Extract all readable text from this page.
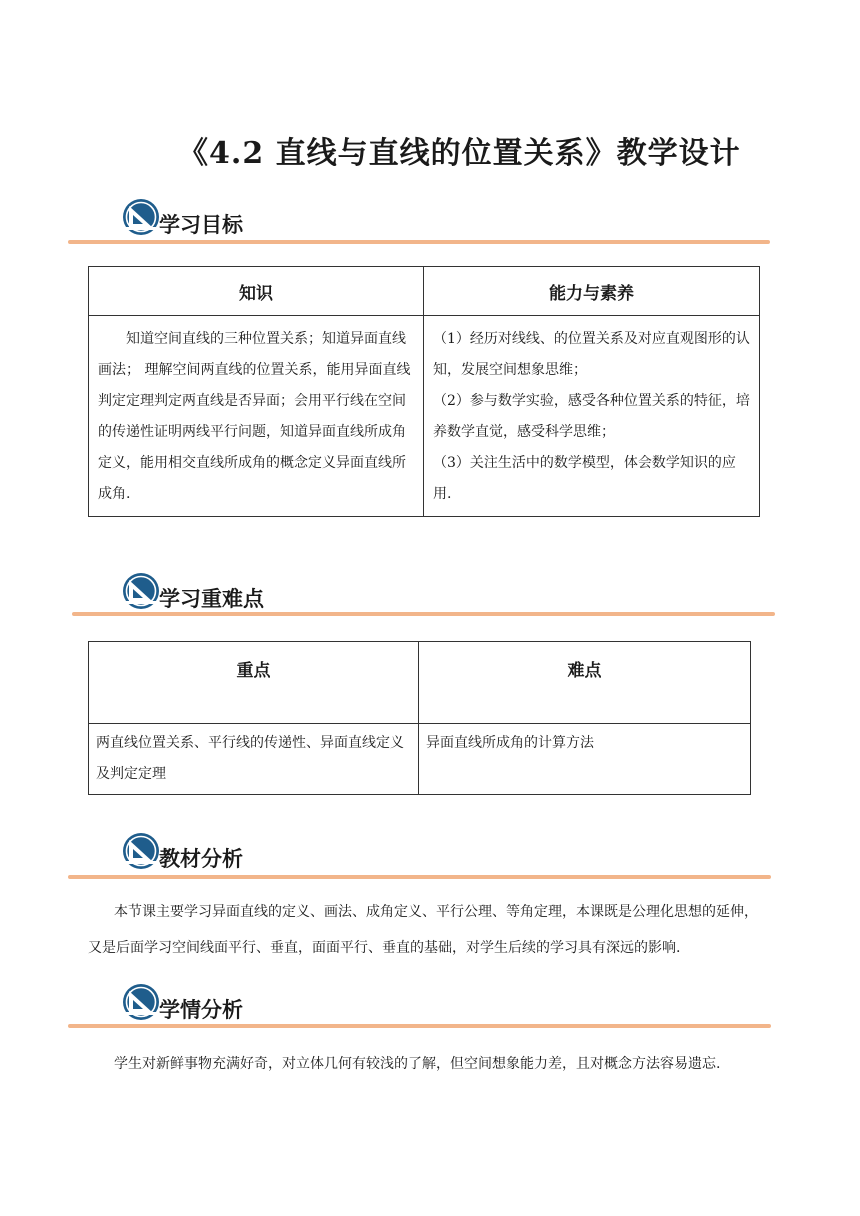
《4.2 直线与直线的位置关系》教学设计
学习目标
知识	能力与素养
知道空间直线的三种位置关系；知道异面直线画法； 理解空间两直线的位置关系，能用异面直线判定定理判定两直线是否异面；会用平行线在空间的传递性证明两线平行问题，知道异面直线所成角定义，能用相交直线所成角的概念定义异面直线所成角.	（1）经历对线线、的位置关系及对应直观图形的认知，发展空间想象思维；
（2）参与数学实验，感受各种位置关系的特征，培养数学直觉，感受科学思维；
（3）关注生活中的数学模型，体会数学知识的应用.
学习重难点
重点	难点
两直线位置关系、平行线的传递性、异面直线定义及判定定理	异面直线所成角的计算方法
教材分析
本节课主要学习异面直线的定义、画法、成角定义、平行公理、等角定理，本课既是公理化思想的延伸，又是后面学习空间线面平行、垂直，面面平行、垂直的基础，对学生后续的学习具有深远的影响.
学情分析
学生对新鲜事物充满好奇，对立体几何有较浅的了解，但空间想象能力差，且对概念方法容易遗忘.
